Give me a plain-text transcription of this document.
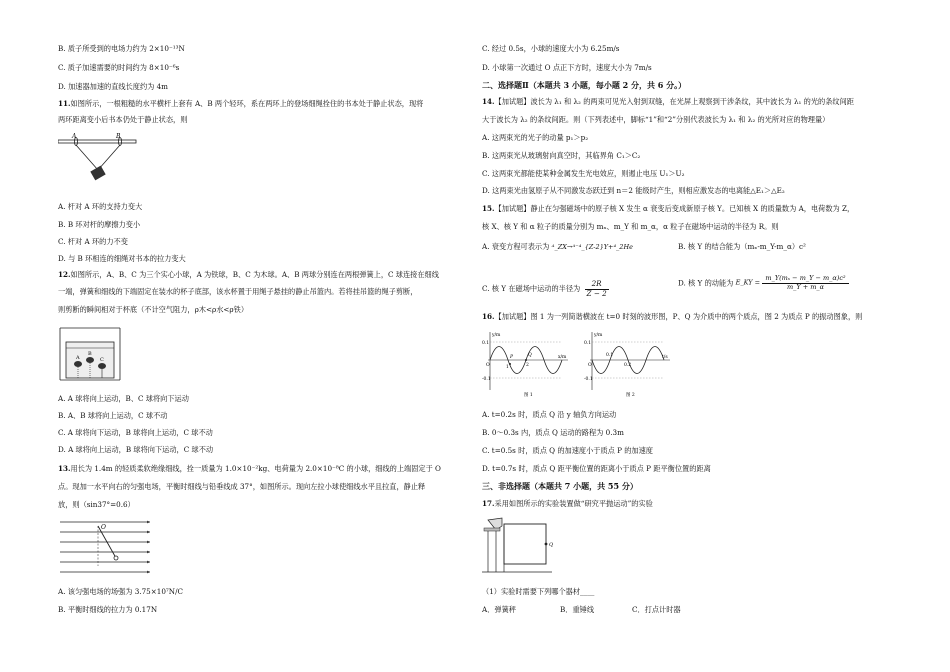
B. 质子所受到的电场力约为 2×10⁻¹³N
C. 质子加速需要的时间约为 8×10⁻⁶s
D. 加速器加速的直线长度约为 4m
11.如图所示，一根粗糙的水平横杆上套有 A、B 两个轻环，系在两环上的登场细绳拴住的书本处于静止状态，现将
两环距离变小后书本仍处于静止状态，则
A	B
A. 杆对 A 环的支持力变大
B. B 环对杆的摩擦力变小
C. 杆对 A 环的力不变
D. 与 B 环相连的细绳对书本的拉力变大
12.如图所示，A、B、C 为三个实心小球，A 为铁球，B、C 为木球。A、B 两球分别连在两根弹簧上，C 球连接在细线
一端，弹簧和细线的下端固定在装水的杯子底部，该水杯置于用绳子悬挂的静止吊篮内。若将挂吊篮的绳子剪断，
则剪断的瞬间相对于杯底（不计空气阻力，ρ木<ρ水<ρ铁）
A
B
C
A. A 球将向上运动，B、C 球将向下运动
B. A、B 球将向上运动，C 球不动
C. A 球将向下运动，B 球将向上运动，C 球不动
D. A 球将向上运动，B 球将向下运动，C 球不动
13.用长为 1.4m 的轻质柔软绝缘细线，拴一质量为 1.0×10⁻²kg、电荷量为 2.0×10⁻⁸C 的小球，细线的上端固定于 O
点。现加一水平向右的匀强电场，平衡时细线与铅垂线成 37°，如图所示。现向左拉小球使细线水平且拉直，静止释
放，则（sin37°=0.6）
O
A. 该匀强电场的场强为 3.75×10⁷N/C
B. 平衡时细线的拉力为 0.17N
C. 经过 0.5s，小球的速度大小为 6.25m/s
D. 小球第一次通过 O 点正下方时，速度大小为 7m/s
二、选择题Ⅱ（本题共 3 小题，每小题 2 分，共 6 分。）
14.【加试题】波长为 λ₁ 和 λ₂ 的两束可见光入射到双缝，在光屏上观察到干涉条纹，其中波长为 λ₁ 的光的条纹间距
大于波长为 λ₂ 的条纹间距。则（下列表述中，脚标“1”和“2”分别代表波长为 λ₁ 和 λ₂ 的光所对应的物理量）
A. 这两束光的光子的动量 p₁＞p₂
B. 这两束光从玻璃射向真空时，其临界角 C₁＞C₂
C. 这两束光都能使某种金属发生光电效应，则遏止电压 U₁＞U₂
D. 这两束光由氢原子从不同激发态跃迁到 n＝2 能级时产生，则相应激发态的电离能△E₁＞△E₂
15.【加试题】静止在匀强磁场中的原子核 X 发生 α 衰变后变成新原子核 Y。已知核 X 的质量数为 A，电荷数为 Z，
核 X、核 Y 和 α 粒子的质量分别为 mₓ、m_Y 和 m_α，α 粒子在磁场中运动的半径为 R。则
A. 衰变方程可表示为 ᴬ_ZX→ᴬ⁻⁴_{Z-2}Y+⁴_2He	B. 核 Y 的结合能为（mₓ-m_Y-m_α）c²
C. 核 Y 在磁场中运动的半径为 $\frac{2R}{Z - 2}$	D. 核 Y 的动能为 E_KY = $\frac{\text{m\_Y(mₓ − m\_Y − m\_α)c²}}{m\_Y + m\_\alpha}$
16.【加试题】图 1 为一列简谐横波在 t=0 时刻的波形图，P、Q 为介质中的两个质点，图 2 为质点 P 的振动图象，则
y/m
x/m
0.1
-0.1
O	1	2
P	Q
图 1
y/m
t/s
0.1
-0.1
O
0.1
0.2
图 2
A. t=0.2s 时，质点 Q 沿 y 轴负方向运动
B. 0～0.3s 内，质点 Q 运动的路程为 0.3m
C. t=0.5s 时，质点 Q 的加速度小于质点 P 的加速度
D. t=0.7s 时，质点 Q 距平衡位置的距离小于质点 P 距平衡位置的距离
三、非选择题（本题共 7 小题，共 55 分）
17.采用如图所示的实验装置做“研究平抛运动”的实验
Q
（1）实验时需要下列哪个器材____
A．弹簧秤	B．重锤线	C．打点计时器
